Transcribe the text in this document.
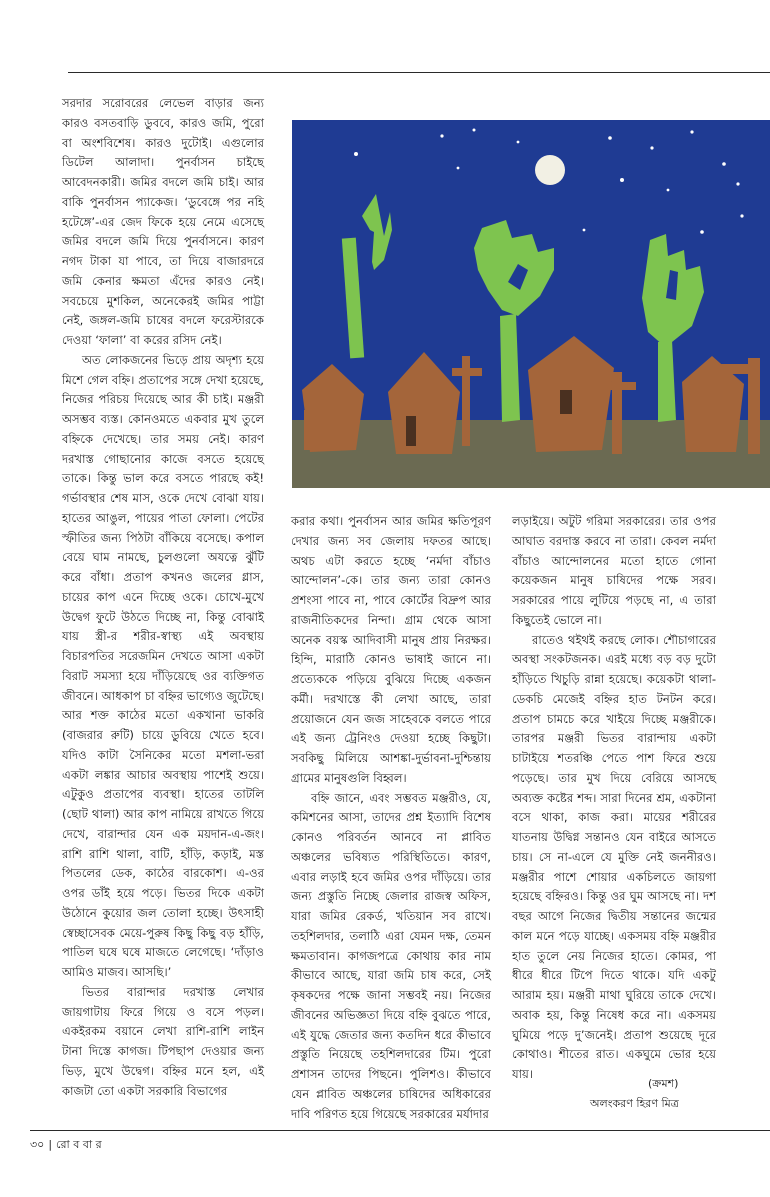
সরদার সরোবরের লেভেল বাড়ার জন্য কারও বসতবাড়ি ডুববে, কারও জমি, পুরো বা অংশবিশেষ। কারও দুটোই। এগুলোর ডিটেল আলাদা। পুনর্বাসন চাইছে আবেদনকারী। জমির বদলে জমি চাই। আর বাকি পুনর্বাসন প্যাকেজ। ‘ডুবেঙ্গে পর নহি হটেঙ্গে’-এর জেদ ফিকে হয়ে নেমে এসেছে জমির বদলে জমি দিয়ে পুনর্বাসনে। কারণ নগদ টাকা যা পাবে, তা দিয়ে বাজারদরে জমি কেনার ক্ষমতা এঁদের কারও নেই। সবচেয়ে মুশকিল, অনেকেরই জমির পাট্টা নেই, জঙ্গল-জমি চাষের বদলে ফরেস্টারকে দেওয়া ‘ফালা’ বা করের রসিদ নেই।

অত লোকজনের ভিড়ে প্রায় অদৃশ্য হয়ে মিশে গেল বহ্নি। প্রতাপের সঙ্গে দেখা হয়েছে, নিজের পরিচয় দিয়েছে আর কী চাই। মঞ্জরী অসম্ভব ব্যস্ত। কোনওমতে একবার মুখ তুলে বহ্নিকে দেখেছে। তার সময় নেই। কারণ দরখাস্ত গোছানোর কাজে বসতে হয়েছে তাকে। কিন্তু ভাল করে বসতে পারছে কই! গর্ভাবস্থার শেষ মাস, ওকে দেখে বোঝা যায়। হাতের আঙুল, পায়ের পাতা ফোলা। পেটের স্ফীতির জন্য পিঠটা বাঁকিয়ে বসেছে। কপাল বেয়ে ঘাম নামছে, চুলগুলো অযত্নে ঝুঁটি করে বাঁধা। প্রতাপ কখনও জলের গ্লাস, চায়ের কাপ এনে দিচ্ছে ওকে। চোখে-মুখে উদ্বেগ ফুটে উঠতে দিচ্ছে না, কিন্তু বোঝাই যায় স্ত্রী-র শরীর-স্বাস্থ্য এই অবস্থায় বিচারপতির সরেজমিন দেখতে আসা একটা বিরাট সমস্যা হয়ে দাঁড়িয়েছে ওর ব্যক্তিগত জীবনে। আধকাপ চা বহ্নির ভাগ্যেও জুটেছে। আর শক্ত কাঠের মতো একখানা ভাকরি (বাজরার রুটি) চায়ে ডুবিয়ে খেতে হবে। যদিও কাটা সৈনিকের মতো মশলা-ভরা একটা লঙ্কার আচার অবস্থায় পাশেই শুয়ে। এটুকুও প্রতাপের ব্যবস্থা। হাতের তাটলি (ছোট থালা) আর কাপ নামিয়ে রাখতে গিয়ে দেখে, বারান্দার যেন এক ময়দান-এ-জং। রাশি রাশি থালা, বাটি, হাঁড়ি, কড়াই, মস্ত পিতলের ডেক, কাঠের বারকোশ। এ-ওর ওপর ডাঁই হয়ে পড়ে। ভিতর দিকে একটা উঠোনে কুয়োর জল তোলা হচ্ছে। উৎসাহী স্বেচ্ছাসেবক মেয়ে-পুরুষ কিছু কিছু বড় হাঁড়ি, পাতিল ঘষে ঘষে মাজতে লেগেছে। ‘দাঁড়াও আমিও মাজব। আসছি।’

ভিতর বারান্দার দরখাস্ত লেখার জায়গাটায় ফিরে গিয়ে ও বসে পড়ল। একইরকম বয়ানে লেখা রাশি-রাশি লাইন টানা দিস্তে কাগজ। টিপছাপ দেওয়ার জন্য ভিড়, মুখে উদ্বেগ। বহ্নির মনে হল, এই কাজটা তো একটা সরকারি বিভাগের

করার কথা। পুনর্বাসন আর জমির ক্ষতিপূরণ দেখার জন্য সব জেলায় দফতর আছে। অথচ এটা করতে হচ্ছে ‘নর্মদা বাঁচাও আন্দোলন’-কে। তার জন্য তারা কোনও প্রশংসা পাবে না, পাবে কোর্টের বিদ্রুপ আর রাজনীতিকদের নিন্দা। গ্রাম থেকে আসা অনেক বয়স্ক আদিবাসী মানুষ প্রায় নিরক্ষর। হিন্দি, মারাঠি কোনও ভাষাই জানে না। প্রত্যেককে পড়িয়ে বুঝিয়ে দিচ্ছে একজন কর্মী। দরখাস্তে কী লেখা আছে, তারা প্রয়োজনে যেন জজ সাহেবকে বলতে পারে এই জন্য ট্রেনিংও দেওয়া হচ্ছে কিছুটা। সবকিছু মিলিয়ে আশঙ্কা-দুর্ভাবনা-দুশ্চিন্তায় গ্রামের মানুষগুলি বিহ্বল।

বহ্নি জানে, এবং সম্ভবত মঞ্জরীও, যে, কমিশনের আসা, তাদের প্রশ্ন ইত্যাদি বিশেষ কোনও পরিবর্তন আনবে না প্লাবিত অঞ্চলের ভবিষ্যত পরিস্থিতিতে। কারণ, এবার লড়াই হবে জমির ওপর দাঁড়িয়ে। তার জন্য প্রস্তুতি নিচ্ছে জেলার রাজস্ব অফিস, যারা জমির রেকর্ড, খতিয়ান সব রাখে। তহশিলদার, তলাঠি এরা যেমন দক্ষ, তেমন ক্ষমতাবান। কাগজপত্রে কোথায় কার নাম কীভাবে আছে, যারা জমি চাষ করে, সেই কৃষকদের পক্ষে জানা সম্ভবই নয়। নিজের জীবনের অভিজ্ঞতা দিয়ে বহ্নি বুঝতে পারে, এই যুদ্ধে জেতার জন্য কতদিন ধরে কীভাবে প্রস্তুতি নিয়েছে তহশিলদারের টিম। পুরো প্রশাসন তাদের পিছনে। পুলিশও। কীভাবে যেন প্লাবিত অঞ্চলের চাষিদের অধিকারের দাবি পরিণত হয়ে গিয়েছে সরকারের মর্যাদার

লড়াইয়ে। অটুট গরিমা সরকারের। তার ওপর আঘাত বরদাস্ত করবে না তারা। কেবল নর্মদা বাঁচাও আন্দোলনের মতো হাতে গোনা কয়েকজন মানুষ চাষিদের পক্ষে সরব। সরকারের পায়ে লুটিয়ে পড়ছে না, এ তারা কিছুতেই ভোলে না।

রাতেও থইথই করছে লোক। শৌচাগারের অবস্থা সংকটজনক। এরই মধ্যে বড় বড় দুটো হাঁড়িতে খিচুড়ি রান্না হয়েছে। কয়েকটা থালা-ডেকচি মেজেই বহ্নির হাত টনটন করে। প্রতাপ চামচে করে খাইয়ে দিচ্ছে মঞ্জরীকে। তারপর মঞ্জরী ভিতর বারান্দায় একটা চাটাইয়ে শতরঞ্চি পেতে পাশ ফিরে শুয়ে পড়েছে। তার মুখ দিয়ে বেরিয়ে আসছে অব্যক্ত কষ্টের শব্দ। সারা দিনের শ্রম, একটানা বসে থাকা, কাজ করা। মায়ের শরীরের যাতনায় উদ্বিগ্ন সন্তানও যেন বাইরে আসতে চায়। সে না-এলে যে মুক্তি নেই জননীরও। মঞ্জরীর পাশে শোয়ার একচিলতে জায়গা হয়েছে বহ্নিরও। কিন্তু ওর ঘুম আসছে না। দশ বছর আগে নিজের দ্বিতীয় সন্তানের জন্মের কাল মনে পড়ে যাচ্ছে। একসময় বহ্নি মঞ্জরীর হাত তুলে নেয় নিজের হাতে। কোমর, পা ধীরে ধীরে টিপে দিতে থাকে। যদি একটু আরাম হয়। মঞ্জরী মাথা ঘুরিয়ে তাকে দেখে। অবাক হয়, কিন্তু নিষেধ করে না। একসময় ঘুমিয়ে পড়ে দু’জনেই। প্রতাপ শুয়েছে দূরে কোথাও। শীতের রাত। একঘুমে ভোর হয়ে যায়।

(ক্রমশ)
অলংকরণ হিরণ মিত্র
৩০ | রো ব বা র
